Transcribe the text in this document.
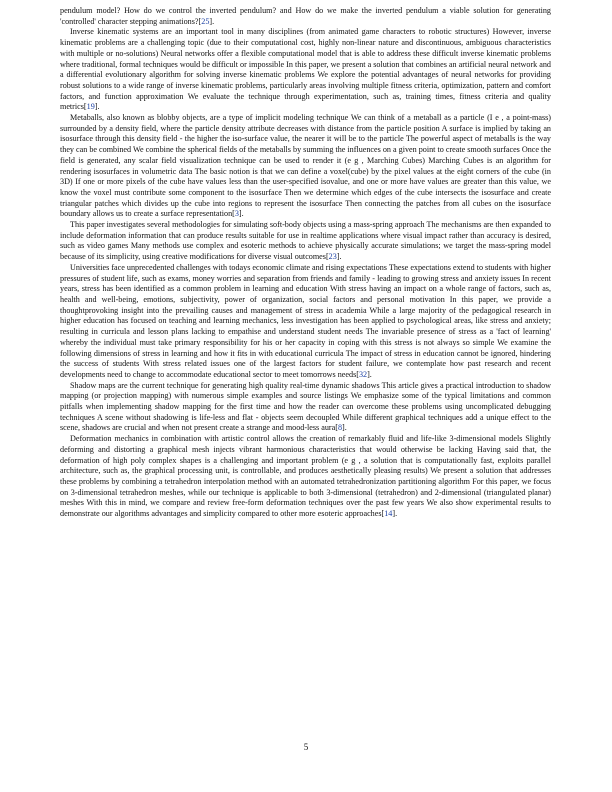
pendulum model? How do we control the inverted pendulum? and How do we make the inverted pendulum a viable solution for generating 'controlled' character stepping animations?[25].

Inverse kinematic systems are an important tool in many disciplines (from animated game characters to robotic structures) However, inverse kinematic problems are a challenging topic (due to their computational cost, highly non-linear nature and discontinuous, ambiguous characteristics with multiple or no-solutions) Neural networks offer a flexible computational model that is able to address these difficult inverse kinematic problems where traditional, formal techniques would be difficult or impossible In this paper, we present a solution that combines an artificial neural network and a differential evolutionary algorithm for solving inverse kinematic problems We explore the potential advantages of neural networks for providing robust solutions to a wide range of inverse kinematic problems, particularly areas involving multiple fitness criteria, optimization, pattern and comfort factors, and function approximation We evaluate the technique through experimentation, such as, training times, fitness criteria and quality metrics[19].

Metaballs, also known as blobby objects, are a type of implicit modeling technique We can think of a metaball as a particle (I e , a point-mass) surrounded by a density field, where the particle density attribute decreases with distance from the particle position A surface is implied by taking an isosurface through this density field - the higher the iso-surface value, the nearer it will be to the particle The powerful aspect of metaballs is the way they can be combined We combine the spherical fields of the metaballs by summing the influences on a given point to create smooth surfaces Once the field is generated, any scalar field visualization technique can be used to render it (e g , Marching Cubes) Marching Cubes is an algorithm for rendering isosurfaces in volumetric data The basic notion is that we can define a voxel(cube) by the pixel values at the eight corners of the cube (in 3D) If one or more pixels of the cube have values less than the user-specified isovalue, and one or more have values are greater than this value, we know the voxel must contribute some component to the isosurface Then we determine which edges of the cube intersects the isosurface and create triangular patches which divides up the cube into regions to represent the isosurface Then connecting the patches from all cubes on the isosurface boundary allows us to create a surface representation[3].

This paper investigates several methodologies for simulating soft-body objects using a mass-spring approach The mechanisms are then expanded to include deformation information that can produce results suitable for use in realtime applications where visual impact rather than accuracy is desired, such as video games Many methods use complex and esoteric methods to achieve physically accurate simulations; we target the mass-spring model because of its simplicity, using creative modifications for diverse visual outcomes[23].

Universities face unprecedented challenges with todays economic climate and rising expectations These expectations extend to students with higher pressures of student life, such as exams, money worries and separation from friends and family - leading to growing stress and anxiety issues In recent years, stress has been identified as a common problem in learning and education With stress having an impact on a whole range of factors, such as, health and well-being, emotions, subjectivity, power of organization, social factors and personal motivation In this paper, we provide a thoughtprovoking insight into the prevailing causes and management of stress in academia While a large majority of the pedagogical research in higher education has focused on teaching and learning mechanics, less investigation has been applied to psychological areas, like stress and anxiety; resulting in curricula and lesson plans lacking to empathise and understand student needs The invariable presence of stress as a 'fact of learning' whereby the individual must take primary responsibility for his or her capacity in coping with this stress is not always so simple We examine the following dimensions of stress in learning and how it fits in with educational curricula The impact of stress in education cannot be ignored, hindering the success of students With stress related issues one of the largest factors for student failure, we contemplate how past research and recent developments need to change to accommodate educational sector to meet tomorrows needs[32].

Shadow maps are the current technique for generating high quality real-time dynamic shadows This article gives a practical introduction to shadow mapping (or projection mapping) with numerous simple examples and source listings We emphasize some of the typical limitations and common pitfalls when implementing shadow mapping for the first time and how the reader can overcome these problems using uncomplicated debugging techniques A scene without shadowing is life-less and flat - objects seem decoupled While different graphical techniques add a unique effect to the scene, shadows are crucial and when not present create a strange and mood-less aura[8].

Deformation mechanics in combination with artistic control allows the creation of remarkably fluid and life-like 3-dimensional models Slightly deforming and distorting a graphical mesh injects vibrant harmonious characteristics that would otherwise be lacking Having said that, the deformation of high poly complex shapes is a challenging and important problem (e g , a solution that is computationally fast, exploits parallel architecture, such as, the graphical processing unit, is controllable, and produces aesthetically pleasing results) We present a solution that addresses these problems by combining a tetrahedron interpolation method with an automated tetrahedronization partitioning algorithm For this paper, we focus on 3-dimensional tetrahedron meshes, while our technique is applicable to both 3-dimensional (tetrahedron) and 2-dimensional (triangulated planar) meshes With this in mind, we compare and review free-form deformation techniques over the past few years We also show experimental results to demonstrate our algorithms advantages and simplicity compared to other more esoteric approaches[14].

5
